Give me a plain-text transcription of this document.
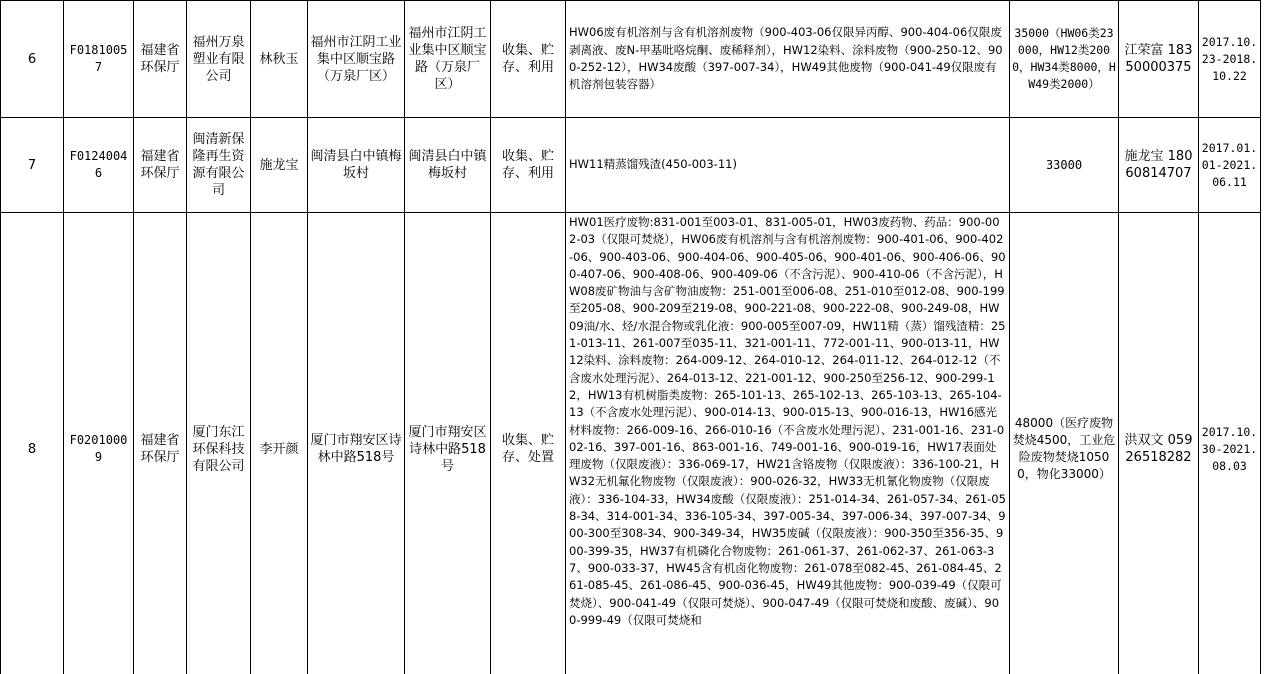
6	F01810057	福建省环保厅	福州万泉塑业有限公司	林秋玉	福州市江阴工业集中区顺宝路（万泉厂区）	福州市江阴工业集中区顺宝路（万泉厂区）	收集、贮存、利用	HW06废有机溶剂与含有机溶剂废物（900-403-06仅限异丙醇、900-404-06仅限废剥离液、废N-甲基吡咯烷酮、废稀释剂），HW12染料、涂料废物（900-250-12、900-252-12），HW34废酸（397-007-34），HW49其他废物（900-041-49仅限废有机溶剂包装容器）	35000（HW06类23000，HW12类2000，HW34类8000，HW49类2000）	江荣富 18350000375	2017.10.23-2018.10.22
7	F01240046	福建省环保厅	闽清新保隆再生资源有限公司	施龙宝	闽清县白中镇梅坂村	闽清县白中镇梅坂村	收集、贮存、利用	HW11精蒸馏残渣(450-003-11)	33000	施龙宝 18060814707	2017.01.01-2021.06.11
8	F02010009	福建省环保厅	厦门东江环保科技有限公司	李开颜	厦门市翔安区诗林中路518号	厦门市翔安区诗林中路518号	收集、贮存、处置	HW01医疗废物:831-001至003-01、831-005-01，HW03废药物、药品：900-002-03（仅限可焚烧），HW06废有机溶剂与含有机溶剂废物：900-401-06、900-402-06、900-403-06、900-404-06、900-405-06、900-401-06、900-406-06、900-407-06、900-408-06、900-409-06（不含污泥）、900-410-06（不含污泥），HW08废矿物油与含矿物油废物：251-001至006-08、251-010至012-08、900-199至205-08、900-209至219-08、900-221-08、900-222-08、900-249-08，HW09油/水、烃/水混合物或乳化液：900-005至007-09，HW11精（蒸）馏残渣精：251-013-11、261-007至035-11、321-001-11、772-001-11、900-013-11，HW12染料、涂料废物：264-009-12、264-010-12、264-011-12、264-012-12（不含废水处理污泥）、264-013-12、221-001-12、900-250至256-12、900-299-12，HW13有机树脂类废物：265-101-13、265-102-13、265-103-13、265-104-13（不含废水处理污泥）、900-014-13、900-015-13、900-016-13，HW16感光材料废物：266-009-16、266-010-16（不含废水处理污泥）、231-001-16、231-002-16、397-001-16、863-001-16、749-001-16、900-019-16，HW17表面处理废物（仅限废液）：336-069-17，HW21含铬废物（仅限废液）：336-100-21，HW32无机氟化物废物（仅限废液）：900-026-32，HW33无机氰化物废物（仅限废液）：336-104-33，HW34废酸（仅限废液）：251-014-34、261-057-34、261-058-34、314-001-34、336-105-34、397-005-34、397-006-34、397-007-34、900-300至308-34、900-349-34，HW35废碱（仅限废液）：900-350至356-35、900-399-35，HW37有机磷化合物废物：261-061-37、261-062-37、261-063-37、900-033-37，HW45含有机卤化物废物：261-078至082-45、261-084-45、261-085-45、261-086-45、900-036-45，HW49其他废物：900-039-49（仅限可焚烧）、900-041-49（仅限可焚烧）、900-047-49（仅限可焚烧和废酸、废碱）、900-999-49（仅限可焚烧和	48000（医疗废物焚烧4500，工业危险废物焚烧10500，物化33000）	洪双文 05926518282	2017.10.30-2021.08.03
